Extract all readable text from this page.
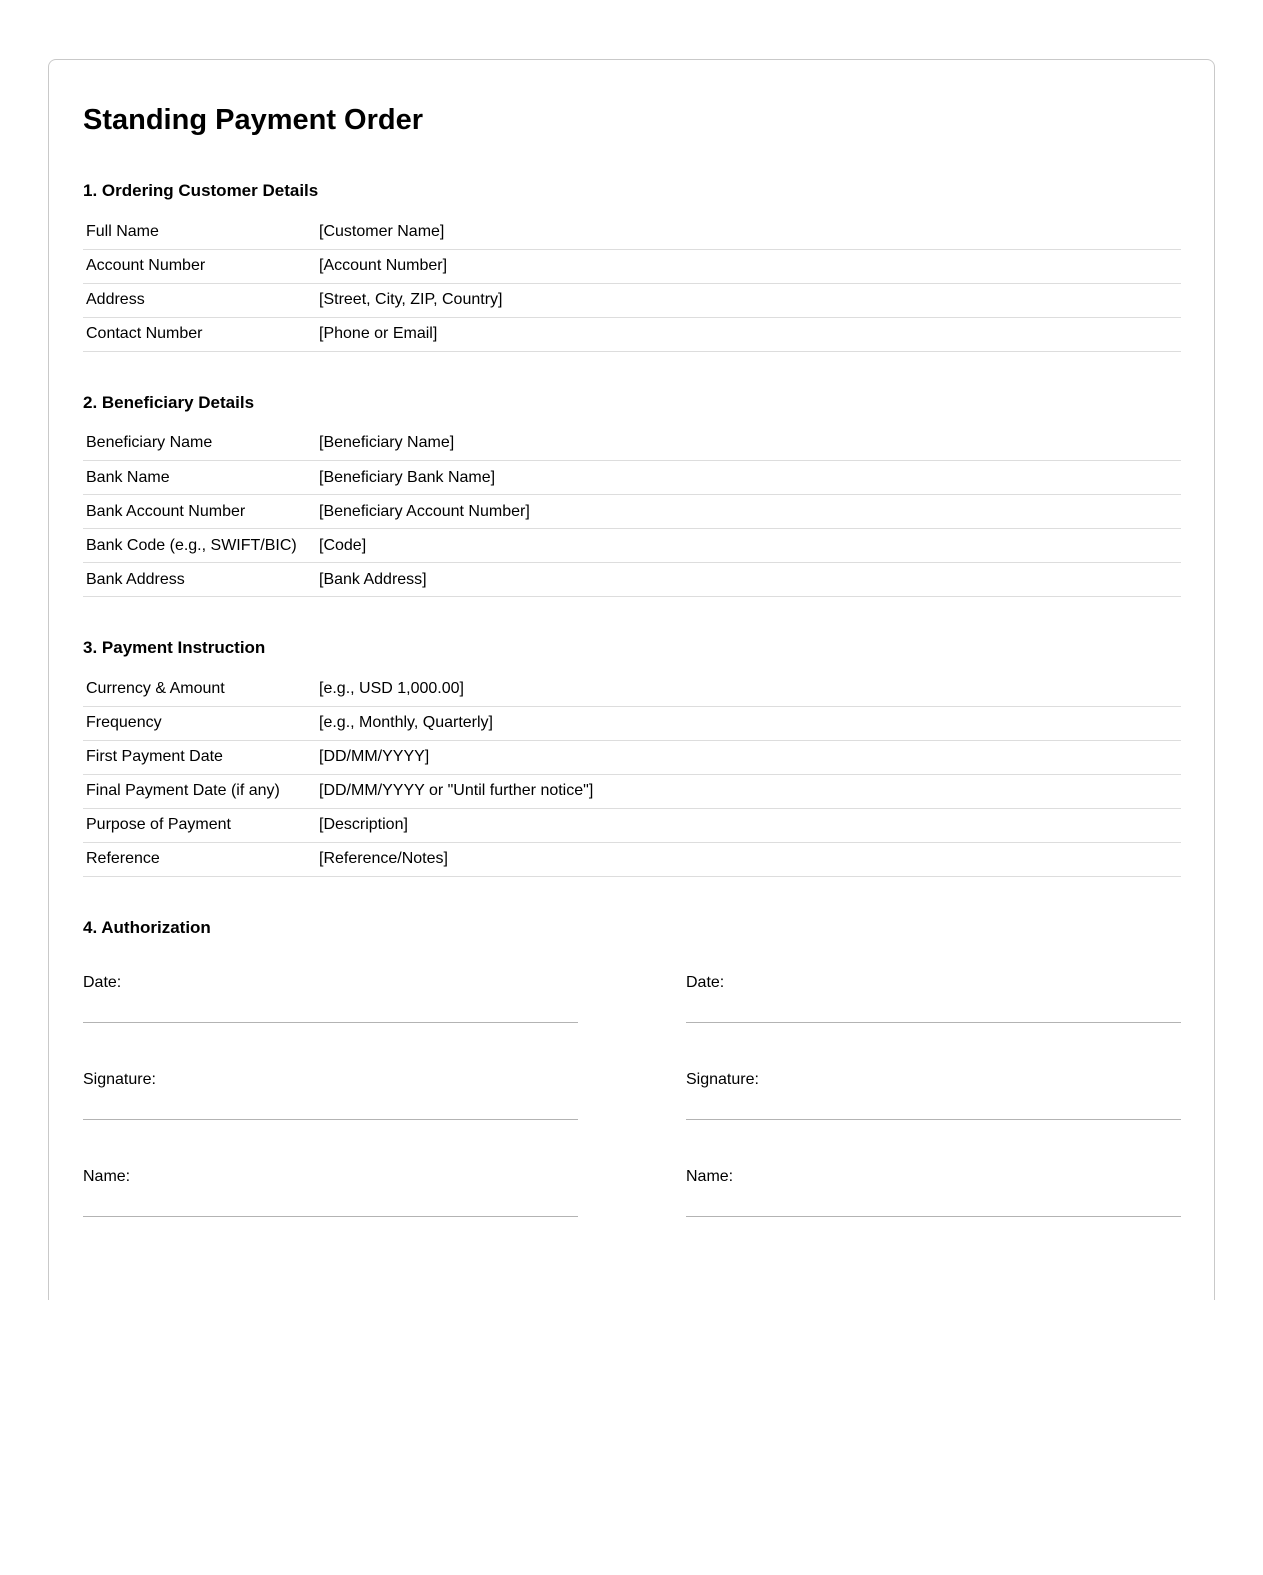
Standing Payment Order
1. Ordering Customer Details
Full Name	[Customer Name]
Account Number	[Account Number]
Address	[Street, City, ZIP, Country]
Contact Number	[Phone or Email]
2. Beneficiary Details
Beneficiary Name	[Beneficiary Name]
Bank Name	[Beneficiary Bank Name]
Bank Account Number	[Beneficiary Account Number]
Bank Code (e.g., SWIFT/BIC)	[Code]
Bank Address	[Bank Address]
3. Payment Instruction
Currency & Amount	[e.g., USD 1,000.00]
Frequency	[e.g., Monthly, Quarterly]
First Payment Date	[DD/MM/YYYY]
Final Payment Date (if any)	[DD/MM/YYYY or "Until further notice"]
Purpose of Payment	[Description]
Reference	[Reference/Notes]
4. Authorization
Date:
Signature:
Name:
Date:
Signature:
Name:
